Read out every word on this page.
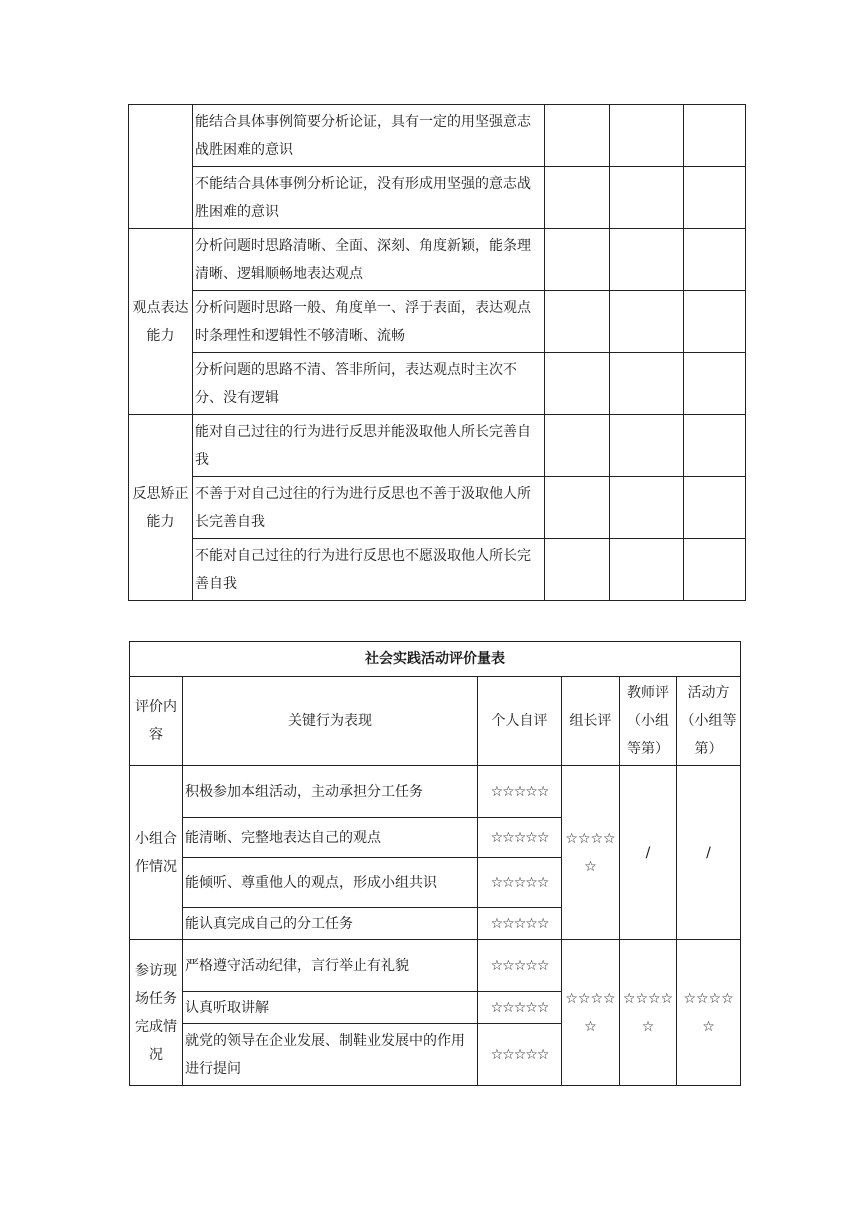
	能结合具体事例简要分析论证，具有一定的用坚强意志战胜困难的意识			
	不能结合具体事例分析论证，没有形成用坚强的意志战胜困难的意识			
观点表达能力	分析问题时思路清晰、全面、深刻、角度新颖，能条理清晰、逻辑顺畅地表达观点			
	分析问题时思路一般、角度单一、浮于表面，表达观点时条理性和逻辑性不够清晰、流畅			
	分析问题的思路不清、答非所问，表达观点时主次不分、没有逻辑			
反思矫正能力	能对自己过往的行为进行反思并能汲取他人所长完善自我			
	不善于对自己过往的行为进行反思也不善于汲取他人所长完善自我			
	不能对自己过往的行为进行反思也不愿汲取他人所长完善自我			
社会实践活动评价量表					
评价内容	关键行为表现	个人自评	组长评	教师评（小组等第）	活动方（小组等第）
小组合作情况	积极参加本组活动，主动承担分工任务	☆☆☆☆☆	☆☆☆☆☆	/	/
	能清晰、完整地表达自己的观点	☆☆☆☆☆			
	能倾听、尊重他人的观点，形成小组共识	☆☆☆☆☆			
	能认真完成自己的分工任务	☆☆☆☆☆			
参访现场任务完成情况	严格遵守活动纪律，言行举止有礼貌	☆☆☆☆☆	☆☆☆☆☆	☆☆☆☆☆	☆☆☆☆☆
	认真听取讲解	☆☆☆☆☆			
	就党的领导在企业发展、制鞋业发展中的作用进行提问	☆☆☆☆☆			
